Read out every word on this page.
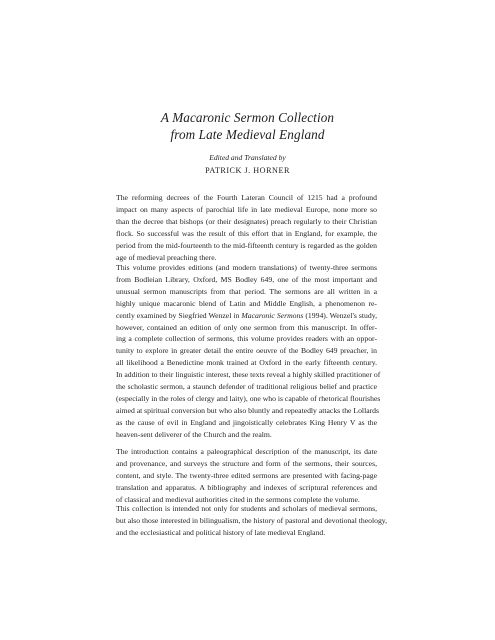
A Macaronic Sermon Collection
from Late Medieval England
Edited and Translated by
PATRICK J. HORNER

The reforming decrees of the Fourth Lateran Council of 1215 had a profound
impact on many aspects of parochial life in late medieval Europe, none more so
than the decree that bishops (or their designates) preach regularly to their Christian
flock. So successful was the result of this effort that in England, for example, the
period from the mid-fourteenth to the mid-fifteenth century is regarded as the golden
age of medieval preaching there.

This volume provides editions (and modern translations) of twenty-three sermons
from Bodleian Library, Oxford, MS Bodley 649, one of the most important and
unusual sermon manuscripts from that period. The sermons are all written in a
highly unique macaronic blend of Latin and Middle English, a phenomenon re-
cently examined by Siegfried Wenzel in Macaronic Sermons (1994). Wenzel's study,
however, contained an edition of only one sermon from this manuscript. In offer-
ing a complete collection of sermons, this volume provides readers with an oppor-
tunity to explore in greater detail the entire oeuvre of the Bodley 649 preacher, in
all likelihood a Benedictine monk trained at Oxford in the early fifteenth century.
In addition to their linguistic interest, these texts reveal a highly skilled practitioner of
the scholastic sermon, a staunch defender of traditional religious belief and practice
(especially in the roles of clergy and laity), one who is capable of rhetorical flourishes
aimed at spiritual conversion but who also bluntly and repeatedly attacks the Lollards
as the cause of evil in England and jingoistically celebrates King Henry V as the
heaven-sent deliverer of the Church and the realm.

The introduction contains a paleographical description of the manuscript, its date
and provenance, and surveys the structure and form of the sermons, their sources,
content, and style. The twenty-three edited sermons are presented with facing-page
translation and apparatus. A bibliography and indexes of scriptural references and
of classical and medieval authorities cited in the sermons complete the volume.

This collection is intended not only for students and scholars of medieval sermons,
but also those interested in bilingualism, the history of pastoral and devotional theology,
and the ecclesiastical and political history of late medieval England.
